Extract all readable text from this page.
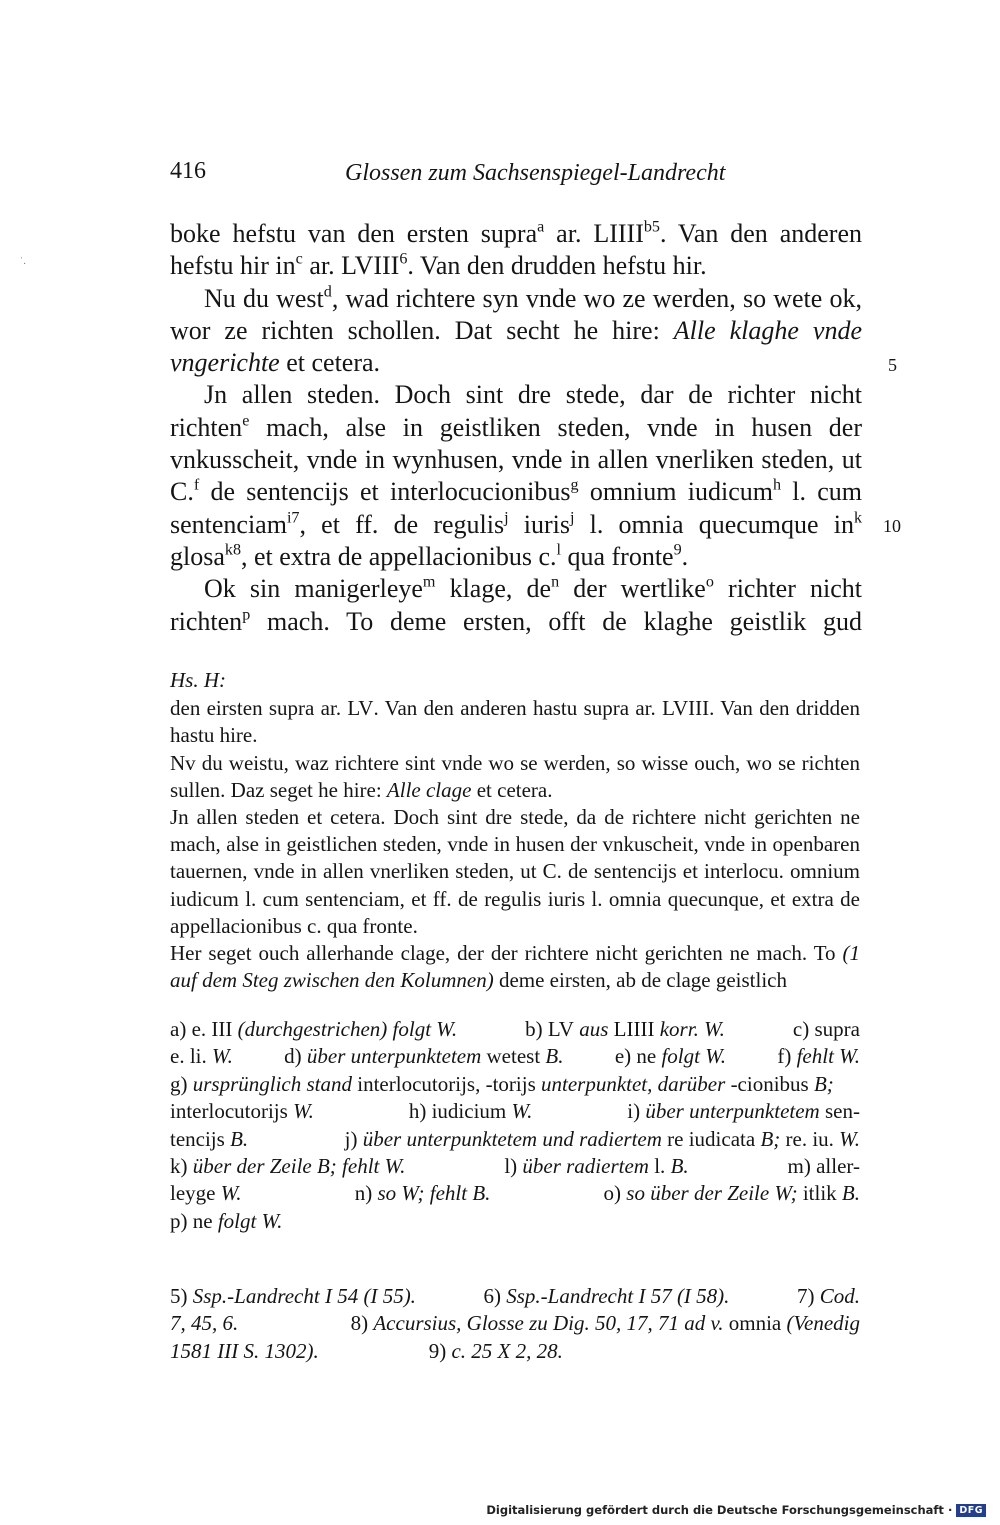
416	Glossen zum Sachsenspiegel-Landrecht
ˈ.

boke hefstu van den ersten supra$^a$ ar. $LIIII^{b5}$. Van den anderen hefstu hir $in^c$ ar. LVIII$^6$. Van den drudden hefstu hir.

Nu du west$^d$, wad richtere syn vnde wo ze werden, so wete ok, wor ze richten schollen. Dat secht he hire: Alle klaghe vnde vngerichte et cetera.

Jn allen steden. Doch sint dre stede, dar de richter nicht richten$^e$ mach, alse in geistliken steden, vnde in husen der vnkusscheit, vnde in wynhusen, vnde in allen vnerliken steden, ut C.$^f$ de sentencijs et interlocucionibus$^g$ omnium iudicum$^h$ l. cum sentenciam$^{i7}$, et ff. de regulis$^j$ iuris$^j$ l. omnia quecumque $in^k$ glosa$^{k8}$, et extra de appellacionibus c.$^l$ qua fronte$^9$.

Ok sin manigerleye$^m$ klage, $de^n$ der wertlike$^o$ richter nicht richten$^p$ mach. To deme ersten, offt de klaghe geistlik gud

5
10
Hs. H:

den eirsten supra ar. LV. Van den anderen hastu supra ar. LVIII. Van den dridden hastu hire.

Nv du weistu, waz richtere sint vnde wo se werden, so wisse ouch, wo se richten sullen. Daz seget he hire: Alle clage et cetera.

Jn allen steden et cetera. Doch sint dre stede, da de richtere nicht gerichten ne mach, alse in geistlichen steden, vnde in husen der vnkuscheit, vnde in openbaren tauernen, vnde in allen vnerliken steden, ut C. de sentencijs et interlocu. omnium iudicum l. cum sentenciam, et ff. de regulis iuris l. omnia quecunque, et extra de appellacionibus c. qua fronte.

Her seget ouch allerhande clage, der der richtere nicht gerichten ne mach. To (1 auf dem Steg zwischen den Kolumnen) deme eirsten, ab de clage geistlich

a) e. III (durchgestrichen) folgt W.	b) LV aus LIIII korr. W.	c) supra
e. li. W. d) über unterpunktetem wetest B. e) ne folgt W. f) fehlt W.
g) ursprünglich stand interlocutorijs, -torijs unterpunktet, darüber -cionibus B;
interlocutorijs W.	h) iudicium W.	i) über unterpunktetem sen-
tencijs B.	j) über unterpunktetem und radiertem re iudicata B; re. iu. W.
k) über der Zeile B; fehlt W.	l) über radiertem l. B.	m) aller-
leyge W.	n) so W; fehlt B.	o) so über der Zeile W; itlik B.
p) ne folgt W.
5) Ssp.-Landrecht I 54 (I 55).	6) Ssp.-Landrecht I 57 (I 58).	7) Cod.
7, 45, 6.	8) Accursius, Glosse zu Dig. 50, 17, 71 ad v. omnia (Venedig
1581 III S. 1302).	9) c. 25 X 2, 28.
Digitalisierung gefördert durch die Deutsche Forschungsgemeinschaft · DFG
